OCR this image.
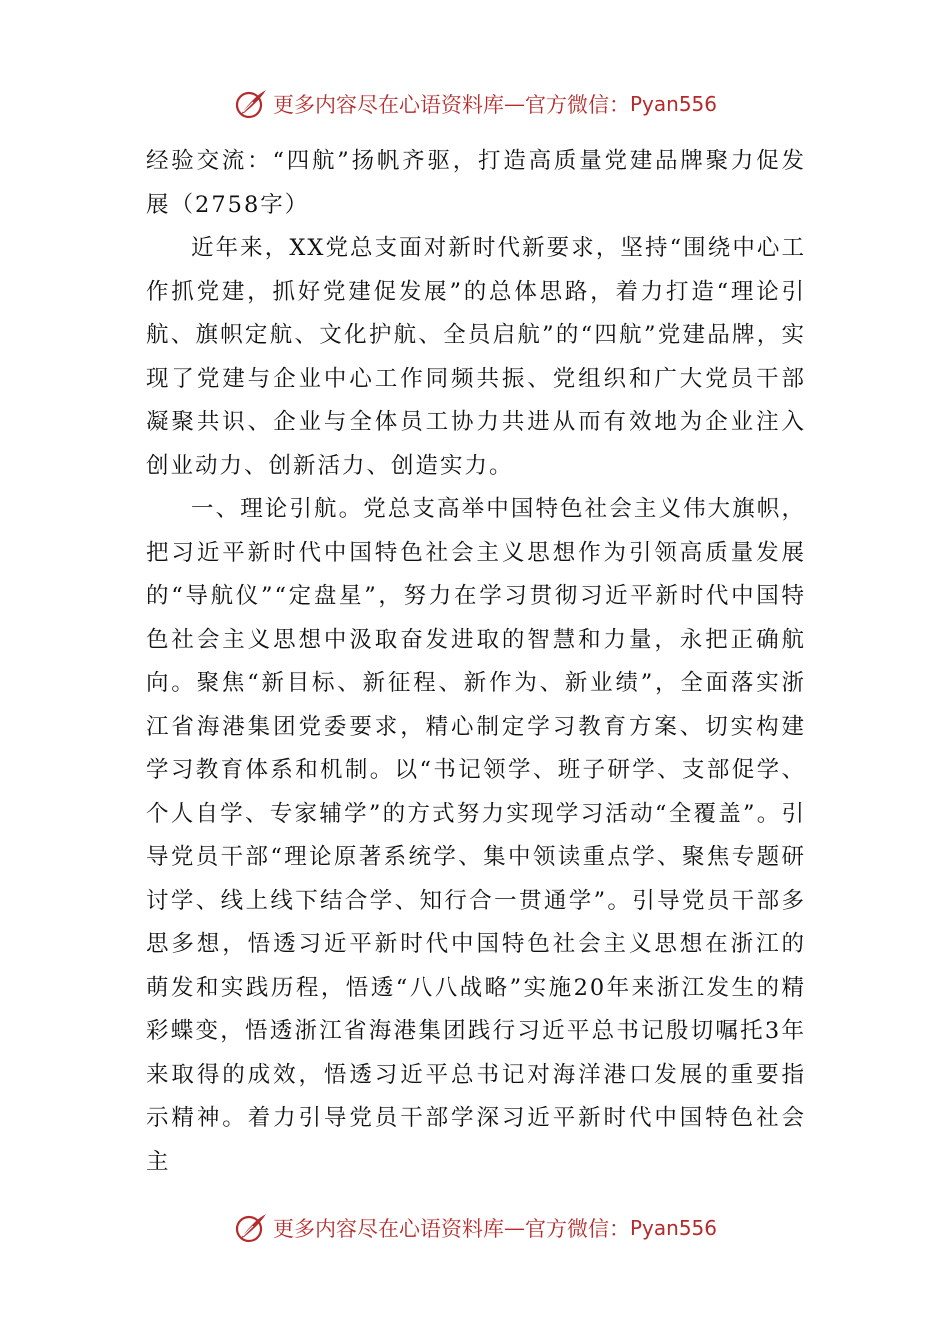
更多内容尽在心语资料库 — 官方微信： Pyan556

经验交流：“四航”扬帆齐驱，打造高质量党建品牌聚力促发展（2758字）

近年来，XX党总支面对新时代新要求，坚持“围绕中心工作抓党建，抓好党建促发展”的总体思路，着力打造“理论引航、旗帜定航、文化护航、全员启航”的“四航”党建品牌，实现了党建与企业中心工作同频共振、党组织和广大党员干部凝聚共识、企业与全体员工协力共进从而有效地为企业注入创业动力、创新活力、创造实力。

一、理论引航。党总支高举中国特色社会主义伟大旗帜，把习近平新时代中国特色社会主义思想作为引领高质量发展的“导航仪”“定盘星”，努力在学习贯彻习近平新时代中国特色社会主义思想中汲取奋发进取的智慧和力量，永把正确航向。聚焦“新目标、新征程、新作为、新业绩”，全面落实浙江省海港集团党委要求，精心制定学习教育方案、切实构建学习教育体系和机制。以“书记领学、班子研学、支部促学、个人自学、专家辅学”的方式努力实现学习活动“全覆盖”。引导党员干部“理论原著系统学、集中领读重点学、聚焦专题研讨学、线上线下结合学、知行合一贯通学”。引导党员干部多思多想，悟透习近平新时代中国特色社会主义思想在浙江的萌发和实践历程，悟透“八八战略”实施20年来浙江发生的精彩蝶变，悟透浙江省海港集团践行习近平总书记殷切嘱托3年来取得的成效，悟透习近平总书记对海洋港口发展的重要指示精神。着力引导党员干部学深习近平新时代中国特色社会主

更多内容尽在心语资料库 — 官方微信： Pyan556
